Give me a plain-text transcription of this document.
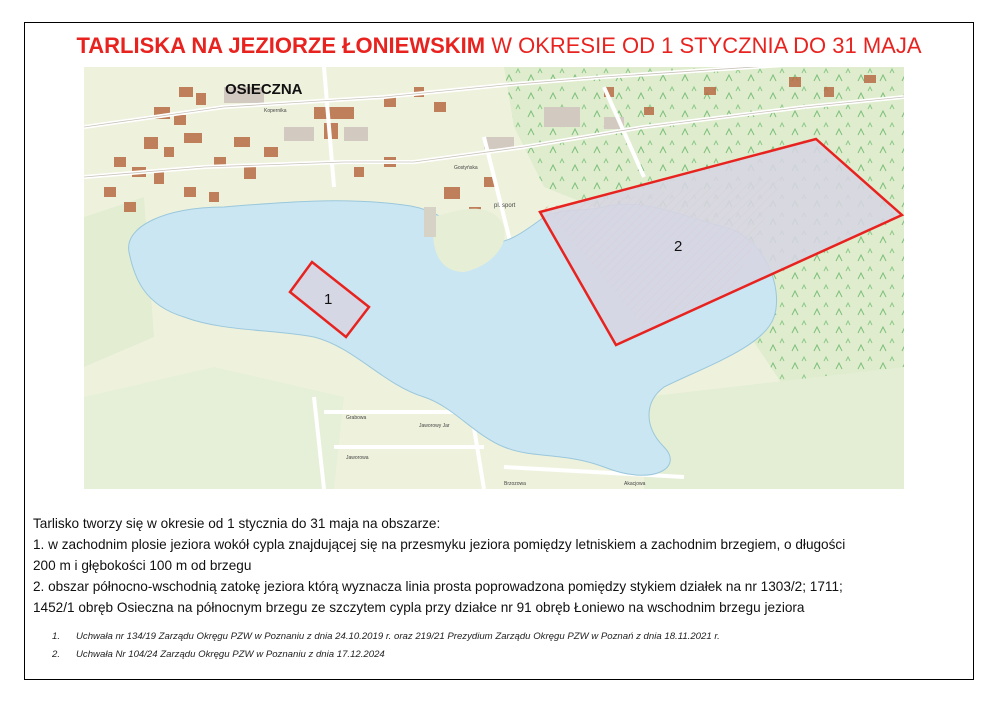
TARLISKA NA JEZIORZE ŁONIEWSKIM W OKRESIE OD 1 STYCZNIA DO 31 MAJA
OSIECZNA
1
2
Kopernika
Gostyńska
pl. sport
Grabowa
Jaworowy Jar
Jaworowa
Brzozowa	Akacjowa
Tarlisko tworzy się w okresie od 1 stycznia do 31 maja na obszarze:
1. w zachodnim plosie jeziora wokół cypla znajdującej się na przesmyku jeziora pomiędzy letniskiem a zachodnim brzegiem, o długości
200 m i głębokości 100 m od brzegu
2. obszar północno-wschodnią zatokę jeziora którą wyznacza linia prosta poprowadzona pomiędzy stykiem działek na nr 1303/2; 1711;
1452/1 obręb Osieczna na północnym brzegu ze szczytem cypla przy działce nr 91 obręb Łoniewo na wschodnim brzegu jeziora
1. Uchwała nr 134/19 Zarządu Okręgu PZW w Poznaniu z dnia 24.10.2019 r. oraz 219/21 Prezydium Zarządu Okręgu PZW w Poznań z dnia 18.11.2021 r.
2. Uchwała Nr 104/24 Zarządu Okręgu PZW w Poznaniu z dnia 17.12.2024
